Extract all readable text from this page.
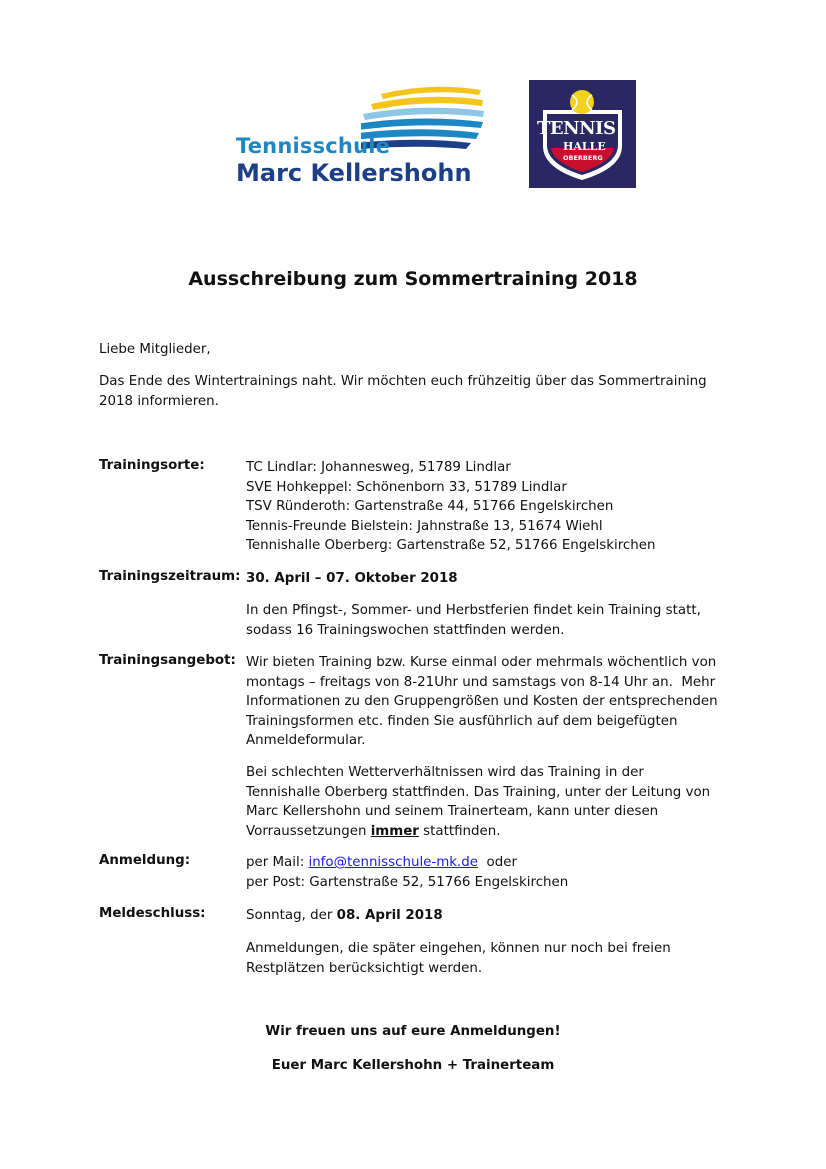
Tennisschule
Marc Kellershohn
TENNIS
HALLE
OBERBERG
Ausschreibung zum Sommertraining 2018

Liebe Mitglieder,

Das Ende des Wintertrainings naht. Wir möchten euch frühzeitig über das Sommertraining
2018 informieren.
Trainingsorte:	TC Lindlar: Johannesweg, 51789 Lindlar
SVE Hohkeppel: Schönenborn 33, 51789 Lindlar
TSV Ründeroth: Gartenstraße 44, 51766 Engelskirchen
Tennis-Freunde Bielstein: Jahnstraße 13, 51674 Wiehl
Tennishalle Oberberg: Gartenstraße 52, 51766 Engelskirchen
Trainingszeitraum: 30. April – 07. Oktober 2018
In den Pfingst-, Sommer- und Herbstferien findet kein Training statt,
sodass 16 Trainingswochen stattfinden werden.
Trainingsangebot: Wir bieten Training bzw. Kurse einmal oder mehrmals wöchentlich von
montags – freitags von 8-21Uhr und samstags von 8-14 Uhr an.  Mehr
Informationen zu den Gruppengrößen und Kosten der entsprechenden
Trainingsformen etc. finden Sie ausführlich auf dem beigefügten
Anmeldeformular.
Bei schlechten Wetterverhältnissen wird das Training in der
Tennishalle Oberberg stattfinden. Das Training, unter der Leitung von
Marc Kellershohn und seinem Trainerteam, kann unter diesen
Vorraussetzungen immer stattfinden.
Anmeldung:	per Mail: info@tennisschule-mk.de  oder
per Post: Gartenstraße 52, 51766 Engelskirchen
Meldeschluss:	Sonntag, der 08. April 2018
Anmeldungen, die später eingehen, können nur noch bei freien
Restplätzen berücksichtigt werden.
Wir freuen uns auf eure Anmeldungen!
Euer Marc Kellershohn + Trainerteam
